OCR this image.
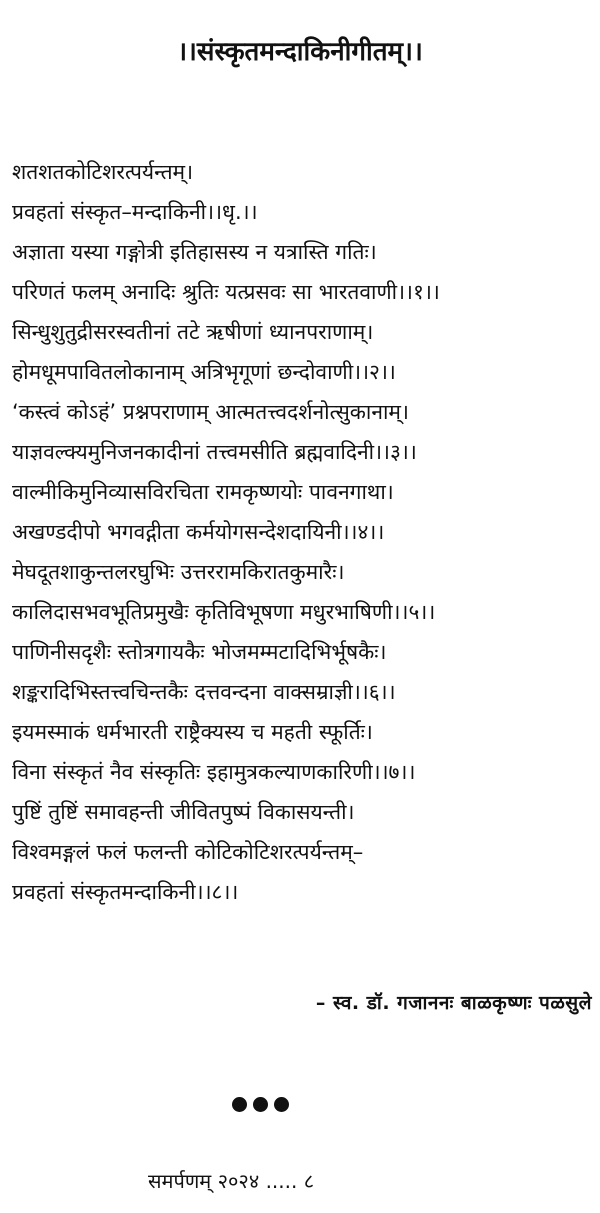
।।संस्कृतमन्दाकिनीगीतम्।।
शतशतकोटिशरत्पर्यन्तम्।
प्रवहतां संस्कृत–मन्दाकिनी।।धृ.।।
अज्ञाता यस्या गङ्गोत्री इतिहासस्य न यत्रास्ति गतिः।
परिणतं फलम् अनादिः श्रुतिः यत्प्रसवः सा भारतवाणी।।१।।
सिन्धुशुतुद्रीसरस्वतीनां तटे ऋषीणां ध्यानपराणाम्।
होमधूमपावितलोकानाम् अत्रिभृगूणां छन्दोवाणी।।२।।
‘कस्त्वं कोऽहं’ प्रश्नपराणाम् आत्मतत्त्वदर्शनोत्सुकानाम्।
याज्ञवल्क्यमुनिजनकादीनां तत्त्वमसीति ब्रह्मवादिनी।।३।।
वाल्मीकिमुनिव्यासविरचिता रामकृष्णयोः पावनगाथा।
अखण्डदीपो भगवद्गीता कर्मयोगसन्देशदायिनी।।४।।
मेघदूतशाकुन्तलरघुभिः उत्तररामकिरातकुमारैः।
कालिदासभवभूतिप्रमुखैः कृतिविभूषणा मधुरभाषिणी।।५।।
पाणिनीसदृशैः स्तोत्रगायकैः भोजमम्मटादिभिर्भूषकैः।
शङ्करादिभिस्तत्त्वचिन्तकैः दत्तवन्दना वाक्सम्राज्ञी।।६।।
इयमस्माकं धर्मभारती राष्ट्रैक्यस्य च महती स्फूर्तिः।
विना संस्कृतं नैव संस्कृतिः इहामुत्रकल्याणकारिणी।।७।।
पुष्टिं तुष्टिं समावहन्ती जीवितपुष्पं विकासयन्ती।
विश्वमङ्गलं फलं फलन्ती कोटिकोटिशरत्पर्यन्तम्–
प्रवहतां संस्कृतमन्दाकिनी।।८।।
– स्व. डॉ. गजाननः बाळकृष्णः पळसुले
समर्पणम् २०२४ ..... ८
